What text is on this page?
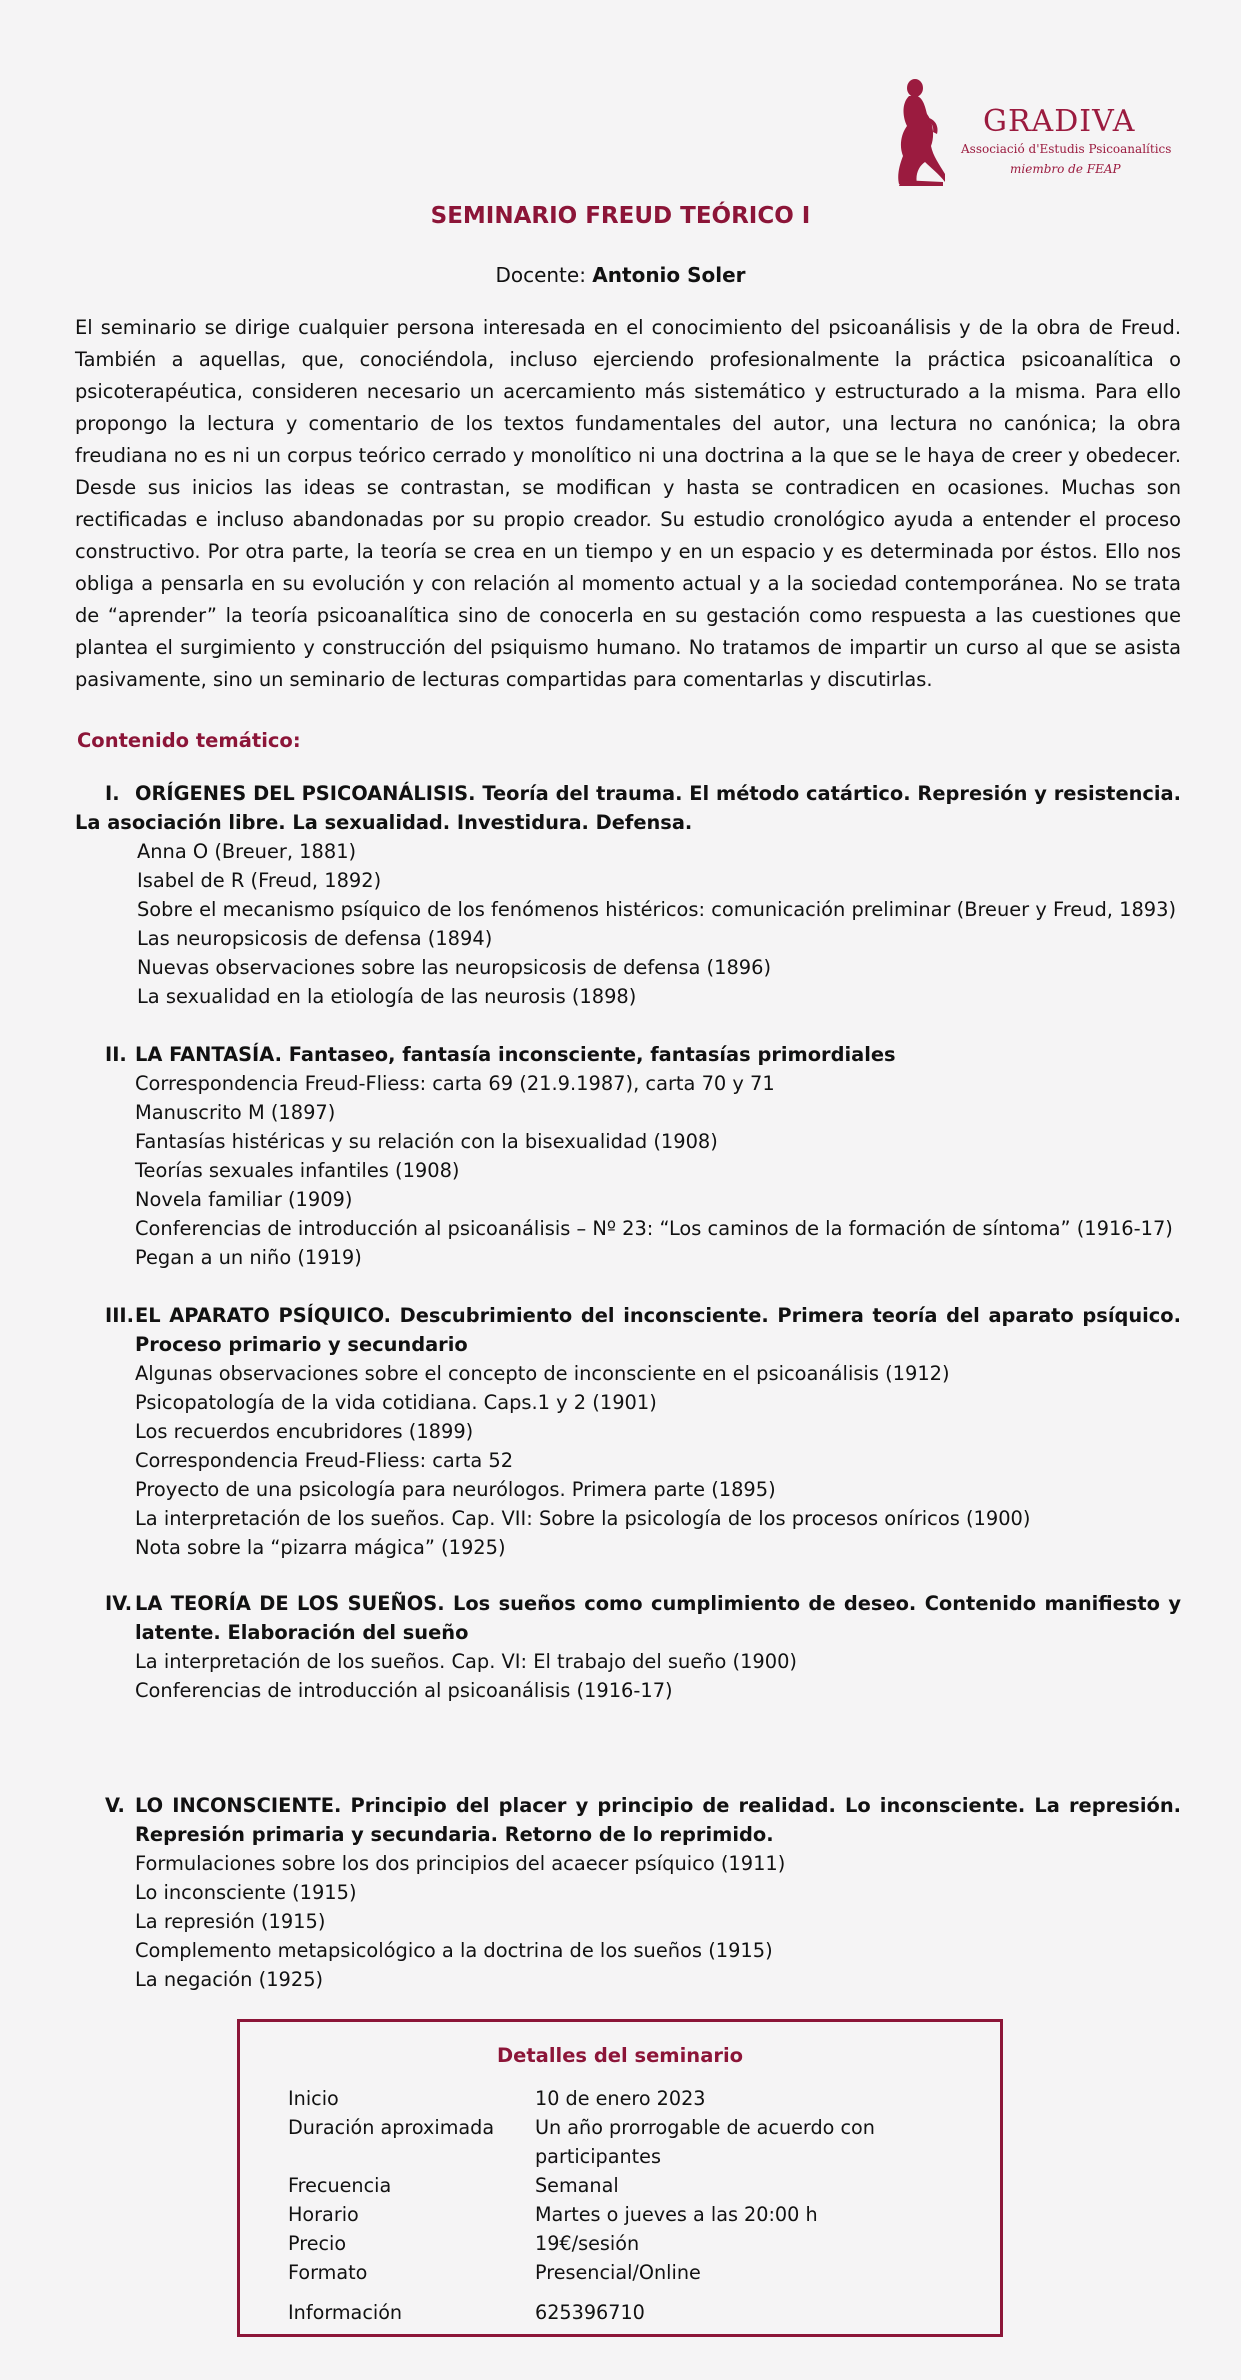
GRADIVA
Associació d'Estudis Psicoanalítics
miembro de FEAP
SEMINARIO FREUD TEÓRICO I
Docente: Antonio Soler

El seminario se dirige cualquier persona interesada en el conocimiento del psicoanálisis y de la obra de Freud. También a aquellas, que, conociéndola, incluso ejerciendo profesionalmente la práctica psicoanalítica o psicoterapéutica, consideren necesario un acercamiento más sistemático y estructurado a la misma. Para ello propongo la lectura y comentario de los textos fundamentales del autor, una lectura no canónica; la obra freudiana no es ni un corpus teórico cerrado y monolítico ni una doctrina a la que se le haya de creer y obedecer. Desde sus inicios las ideas se contrastan, se modifican y hasta se contradicen en ocasiones. Muchas son rectificadas e incluso abandonadas por su propio creador. Su estudio cronológico ayuda a entender el proceso constructivo. Por otra parte, la teoría se crea en un tiempo y en un espacio y es determinada por éstos. Ello nos obliga a pensarla en su evolución y con relación al momento actual y a la sociedad contemporánea. No se trata de “aprender” la teoría psicoanalítica sino de conocerla en su gestación como respuesta a las cuestiones que plantea el surgimiento y construcción del psiquismo humano. No tratamos de impartir un curso al que se asista pasivamente, sino un seminario de lecturas compartidas para comentarlas y discutirlas.

Contenido temático:
I. ORÍGENES DEL PSICOANÁLISIS. Teoría del trauma. El método catártico. Represión y resistencia. La asociación libre. La sexualidad. Investidura. Defensa.
Anna O (Breuer, 1881)
Isabel de R (Freud, 1892)
Sobre el mecanismo psíquico de los fenómenos histéricos: comunicación preliminar (Breuer y Freud, 1893)
Las neuropsicosis de defensa (1894)
Nuevas observaciones sobre las neuropsicosis de defensa (1896)
La sexualidad en la etiología de las neurosis (1898)
II. LA FANTASÍA. Fantaseo, fantasía inconsciente, fantasías primordiales
Correspondencia Freud-Fliess: carta 69 (21.9.1987), carta 70 y 71
Manuscrito M (1897)
Fantasías histéricas y su relación con la bisexualidad (1908)
Teorías sexuales infantiles (1908)
Novela familiar (1909)
Conferencias de introducción al psicoanálisis – Nº 23: “Los caminos de la formación de síntoma” (1916-17)
Pegan a un niño (1919)
III. EL APARATO PSÍQUICO. Descubrimiento del inconsciente. Primera teoría del aparato psíquico. Proceso primario y secundario
Algunas observaciones sobre el concepto de inconsciente en el psicoanálisis (1912)
Psicopatología de la vida cotidiana. Caps.1 y 2 (1901)
Los recuerdos encubridores (1899)
Correspondencia Freud-Fliess: carta 52
Proyecto de una psicología para neurólogos. Primera parte (1895)
La interpretación de los sueños. Cap. VII: Sobre la psicología de los procesos oníricos (1900)
Nota sobre la “pizarra mágica” (1925)
IV. LA TEORÍA DE LOS SUEÑOS. Los sueños como cumplimiento de deseo. Contenido manifiesto y latente. Elaboración del sueño
La interpretación de los sueños. Cap. VI: El trabajo del sueño (1900)
Conferencias de introducción al psicoanálisis (1916-17)
V. LO INCONSCIENTE. Principio del placer y principio de realidad. Lo inconsciente. La represión. Represión primaria y secundaria. Retorno de lo reprimido.
Formulaciones sobre los dos principios del acaecer psíquico (1911)
Lo inconsciente (1915)
La represión (1915)
Complemento metapsicológico a la doctrina de los sueños (1915)
La negación (1925)
Detalles del seminario
Inicio	10 de enero 2023
Duración aproximada	Un año prorrogable de acuerdo con participantes
Frecuencia	Semanal
Horario	Martes o jueves a las 20:00 h
Precio	19€/sesión
Formato	Presencial/Online
Información	625396710
